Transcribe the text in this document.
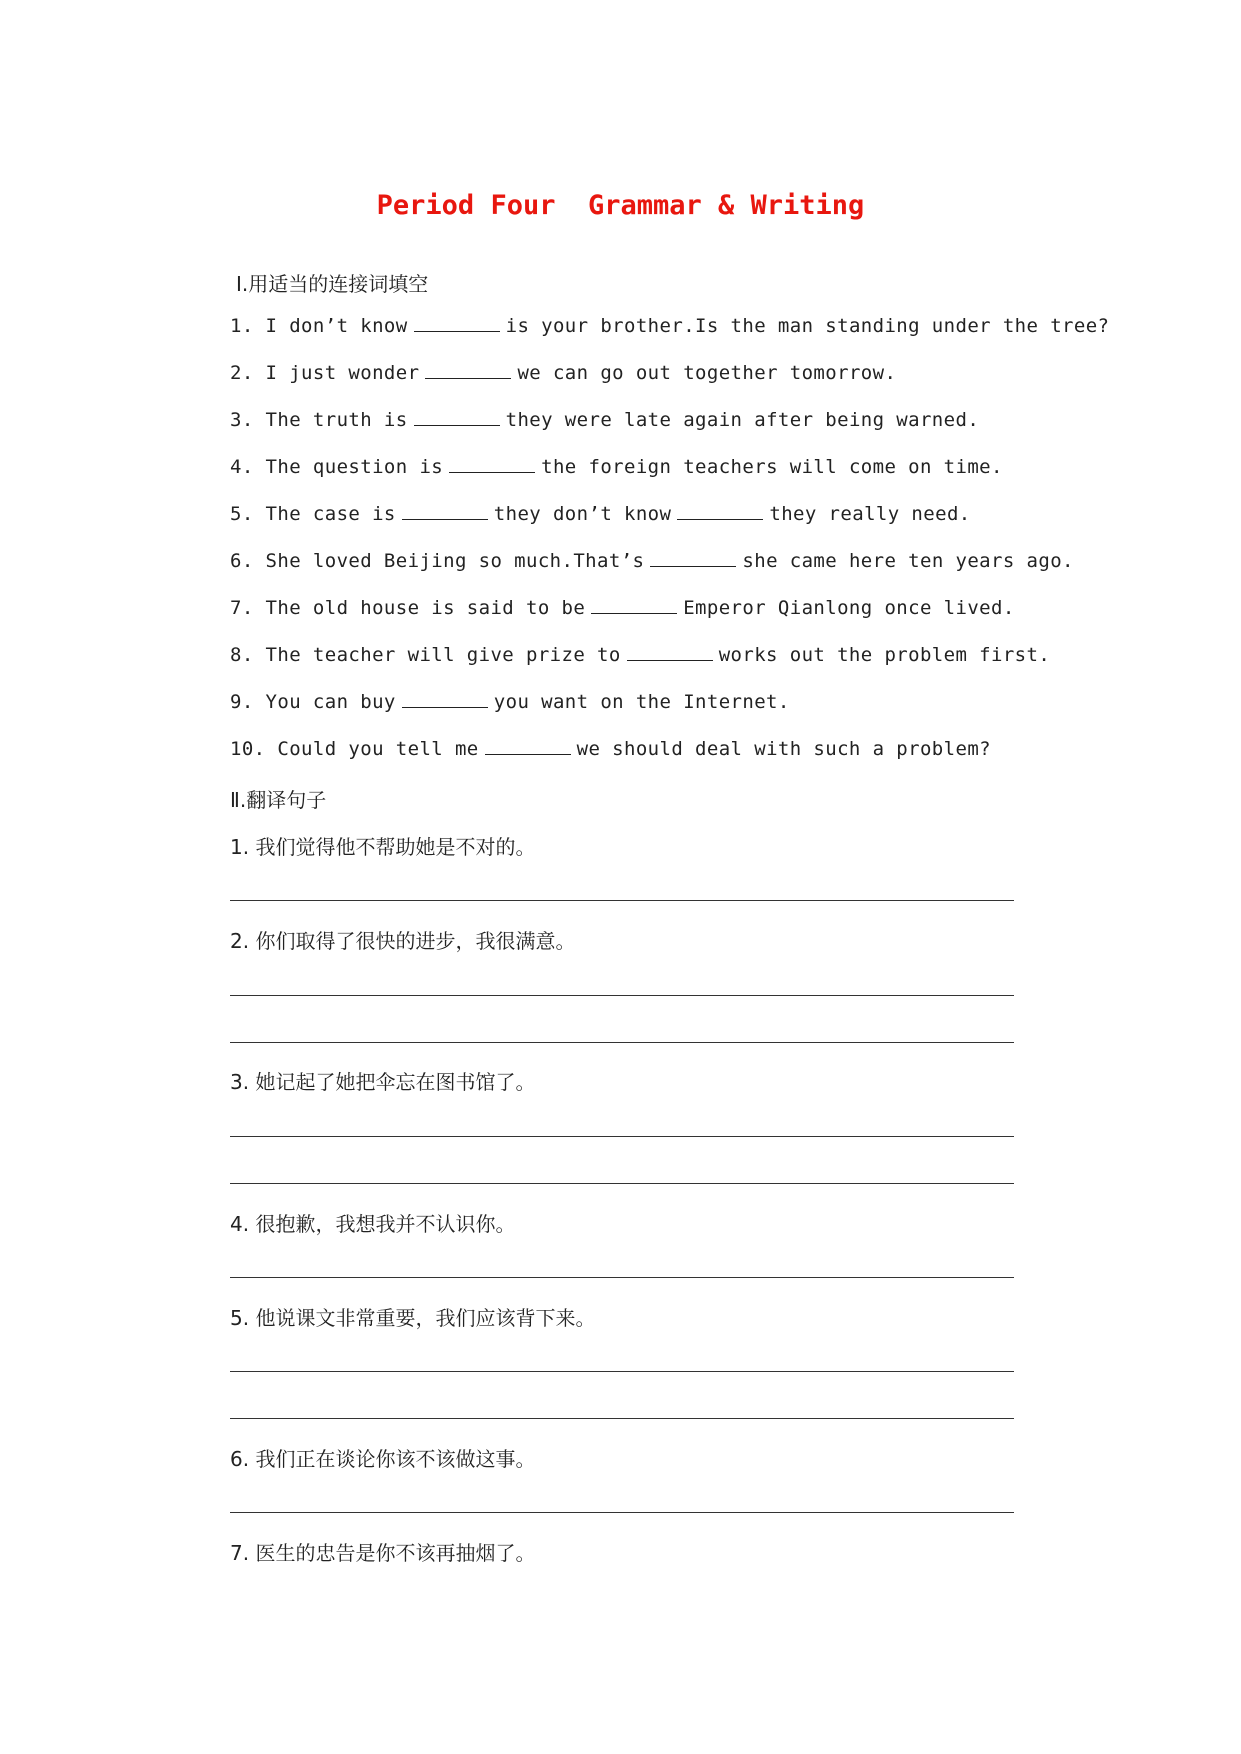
Period Four  Grammar & Writing
Ⅰ.用适当的连接词填空
1. I don’t know	is your brother.Is the man standing under the tree?
2. I just wonder	we can go out together tomorrow.
3. The truth is	they were late again after being warned.
4. The question is	the foreign teachers will come on time.
5. The case is	they don’t know	they really need.
6. She loved Beijing so much.That’s	she came here ten years ago.
7. The old house is said to be	Emperor Qianlong once lived.
8. The teacher will give prize to	works out the problem first.
9. You can buy	you want on the Internet.
10. Could you tell me	we should deal with such a problem?
Ⅱ.翻译句子
1. 我们觉得他不帮助她是不对的。
2. 你们取得了很快的进步，我很满意。
3. 她记起了她把伞忘在图书馆了。
4. 很抱歉，我想我并不认识你。
5. 他说课文非常重要，我们应该背下来。
6. 我们正在谈论你该不该做这事。
7. 医生的忠告是你不该再抽烟了。
